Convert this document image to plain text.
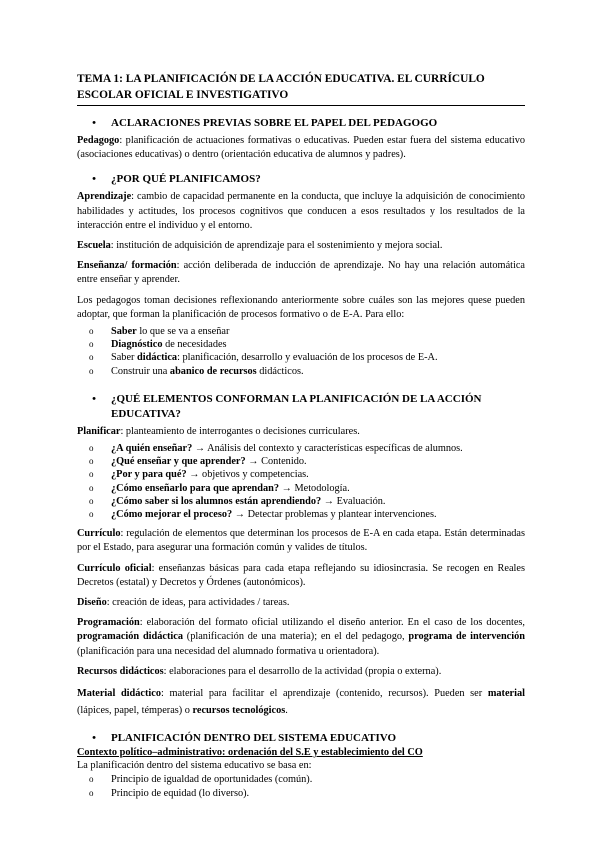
TEMA 1: LA PLANIFICACIÓN DE LA ACCIÓN EDUCATIVA. EL CURRÍCULO ESCOLAR OFICIAL E INVESTIGATIVO
•	ACLARACIONES PREVIAS SOBRE EL PAPEL DEL PEDAGOGO

Pedagogo: planificación de actuaciones formativas o educativas. Pueden estar fuera del sistema educativo (asociaciones educativas) o dentro (orientación educativa de alumnos y padres).

•	¿POR QUÉ PLANIFICAMOS?

Aprendizaje: cambio de capacidad permanente en la conducta, que incluye la adquisición de conocimiento habilidades y actitudes, los procesos cognitivos que conducen a esos resultados y los resultados de la interacción entre el individuo y el entorno.

Escuela: institución de adquisición de aprendizaje para el sostenimiento y mejora social.

Enseñanza/ formación: acción deliberada de inducción de aprendizaje. No hay una relación automática entre enseñar y aprender.

Los pedagogos toman decisiones reflexionando anteriormente sobre cuáles son las mejores quese pueden adoptar, que forman la planificación de procesos formativo o de E-A. Para ello:

o	Saber lo que se va a enseñar
o	Diagnóstico de necesidades
o	Saber didáctica: planificación, desarrollo y evaluación de los procesos de E-A.
o	Construir una abanico de recursos didácticos.
•	¿QUÉ ELEMENTOS CONFORMAN LA PLANIFICACIÓN DE LA ACCIÓN EDUCATIVA?

Planificar: planteamiento de interrogantes o decisiones curriculares.

o	¿A quién enseñar? → Análisis del contexto y características específicas de alumnos.
o	¿Qué enseñar y que aprender? → Contenido.
o	¿Por y para qué? → objetivos y competencias.
o	¿Cómo enseñarlo para que aprendan? → Metodología.
o	¿Cómo saber si los alumnos están aprendiendo? → Evaluación.
o	¿Cómo mejorar el proceso? → Detectar problemas y plantear intervenciones.

Currículo: regulación de elementos que determinan los procesos de E-A en cada etapa. Están determinadas por el Estado, para asegurar una formación común y valides de títulos.

Currículo oficial: enseñanzas básicas para cada etapa reflejando su idiosincrasia. Se recogen en Reales Decretos (estatal) y Decretos y Órdenes (autonómicos).

Diseño: creación de ideas, para actividades / tareas.

Programación: elaboración del formato oficial utilizando el diseño anterior. En el caso de los docentes, programación didáctica (planificación de una materia); en el del pedagogo, programa de intervención (planificación para una necesidad del alumnado formativa u orientadora).

Recursos didácticos: elaboraciones para el desarrollo de la actividad (propia o externa).

Material didáctico: material para facilitar el aprendizaje (contenido, recursos). Pueden ser material (lápices, papel, témperas) o recursos tecnológicos.

•	PLANIFICACIÓN DENTRO DEL SISTEMA EDUCATIVO
Contexto político–administrativo: ordenación del S.E y establecimiento del CO

La planificación dentro del sistema educativo se basa en:

o	Principio de igualdad de oportunidades (común).
o	Principio de equidad (lo diverso).
